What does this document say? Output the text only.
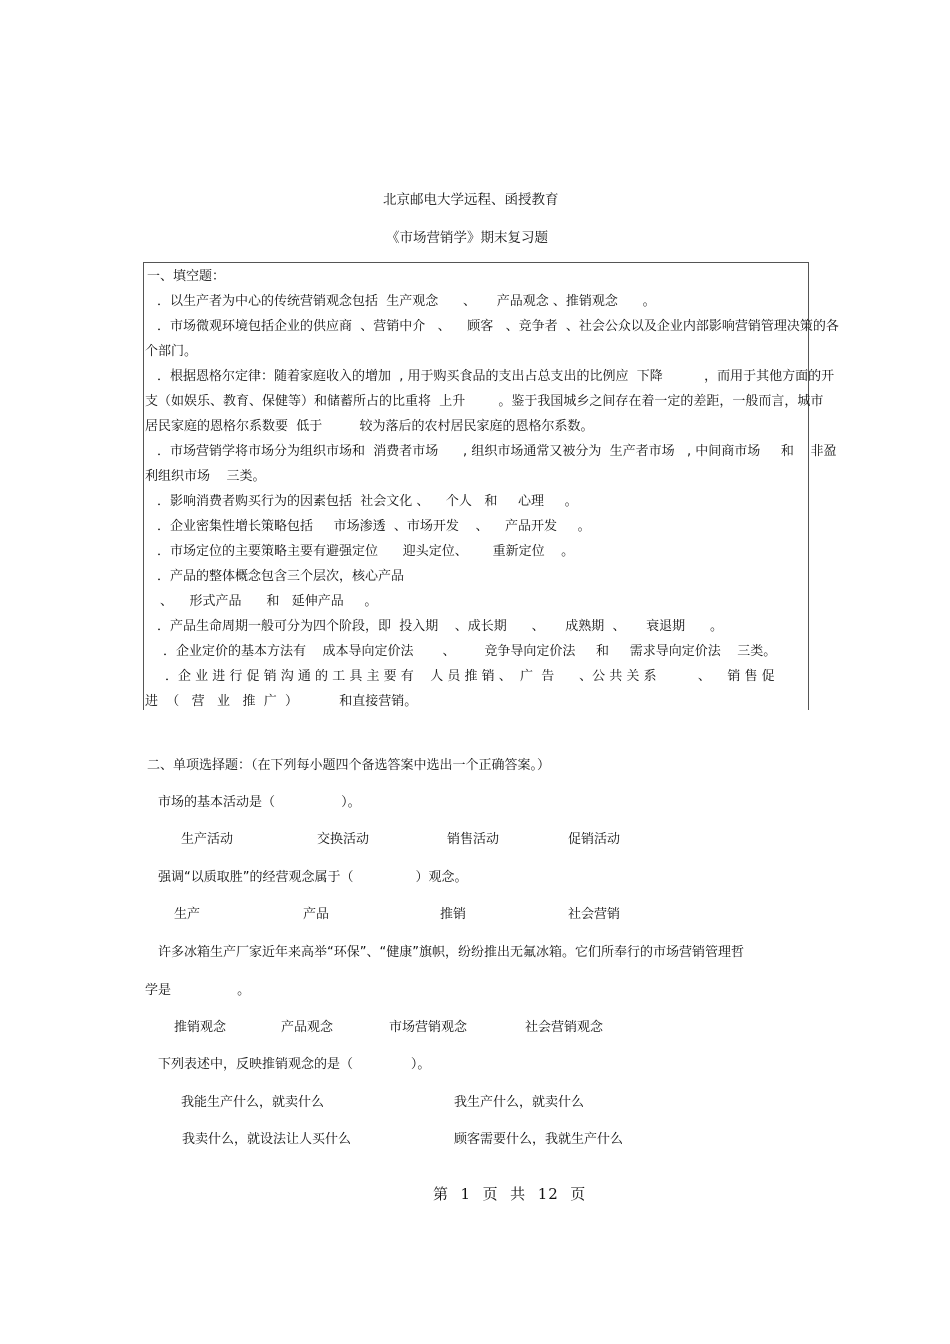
北京邮电大学远程、函授教育
《市场营销学》期末复习题
一、填空题：
．以生产者为中心的传统营销观念包括  生产观念      、     产品观念 、推销观念      。
．市场微观环境包括企业的供应商  、营销中介   、    顾客   、竞争者  、社会公众以及企业内部影响营销管理决策的各
个部门。
．根据恩格尔定律：随着家庭收入的增加  , 用于购买食品的支出占总支出的比例应  下降          ，而用于其他方面的开
支（如娱乐、教育、保健等）和储蓄所占的比重将  上升        。鉴于我国城乡之间存在着一定的差距，一般而言，城市
居民家庭的恩格尔系数要  低于         较为落后的农村居民家庭的恩格尔系数。
．市场营销学将市场分为组织市场和  消费者市场      , 组织市场通常又被分为  生产者市场   , 中间商市场     和    非盈
利组织市场    三类。
．影响消费者购买行为的因素包括  社会文化 、    个人   和     心理     。
．企业密集性增长策略包括     市场渗透  、市场开发    、    产品开发     。
．市场定位的主要策略主要有避强定位      迎头定位、      重新定位    。
．产品的整体概念包含三个层次，核心产品
、    形式产品      和   延伸产品     。
．产品生命周期一般可分为四个阶段，即  投入期    、成长期      、     成熟期  、     衰退期      。
．企业定价的基本方法有    成本导向定价法       、       竞争导向定价法     和     需求导向定价法    三类。
．企 业 进 行 促 销 沟 通 的 工 具 主 要 有    人 员 推 销 、  广  告      、公 共 关 系          、    销 售 促
进  （   营   业   推  广  ）          和直接营销。
二、单项选择题：（在下列每小题四个备选答案中选出一个正确答案。）
市场的基本活动是（                ）。
生产活动	交换活动	销售活动	促销活动
强调“以质取胜”的经营观念属于（               ）观念。
生产	产品	推销	社会营销
许多冰箱生产厂家近年来高举“环保”、“健康”旗帜，纷纷推出无氟冰箱。它们所奉行的市场营销管理哲
学是                。
推销观念	产品观念	市场营销观念	社会营销观念
下列表述中，反映推销观念的是（              ）。
我能生产什么，就卖什么	我生产什么，就卖什么
我卖什么，就设法让人买什么	顾客需要什么，我就生产什么
第  1  页  共  12  页
